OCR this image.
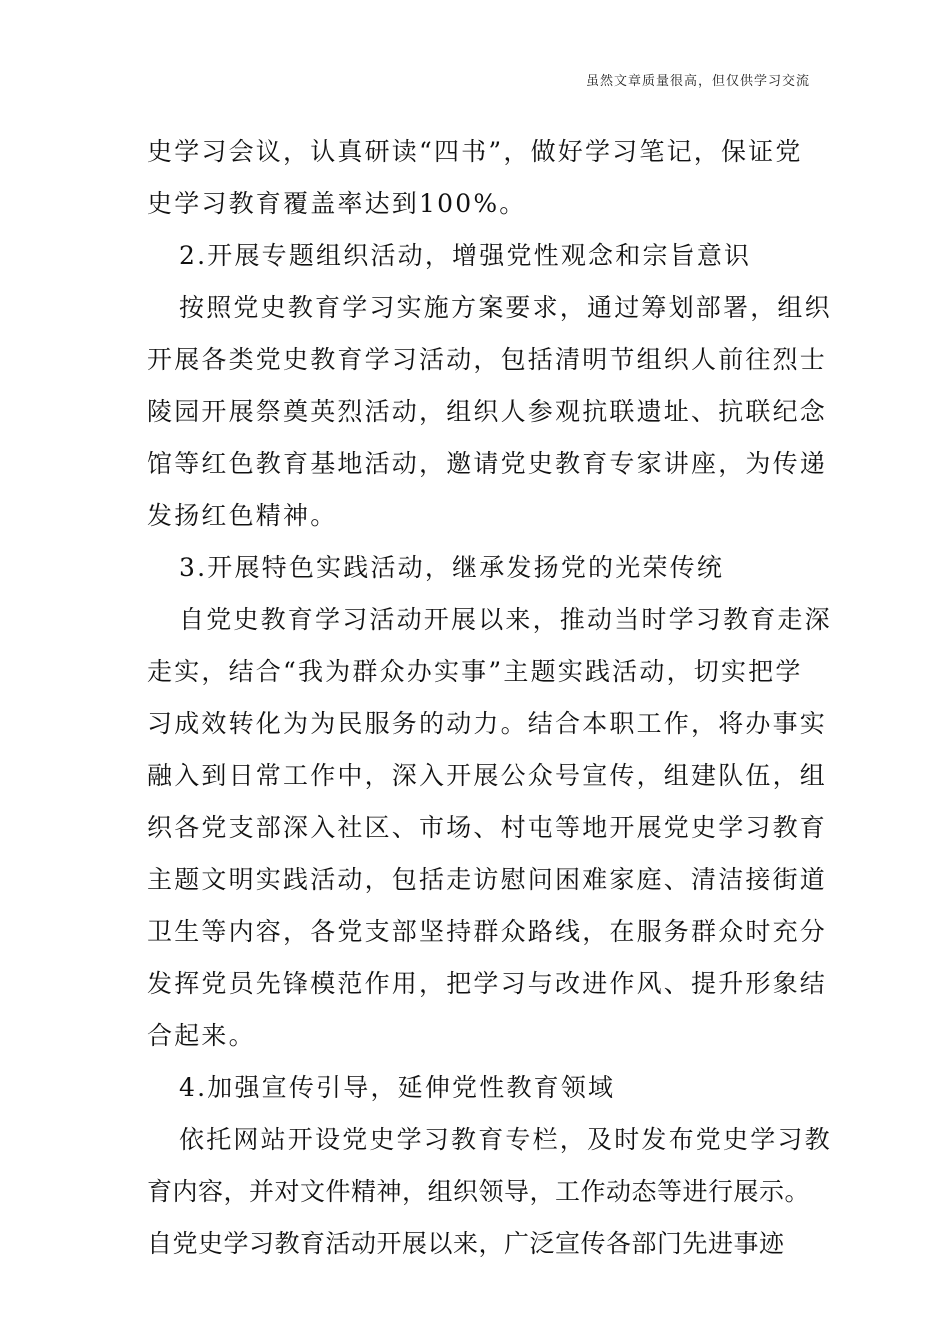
虽然文章质量很高，但仅供学习交流
史学习会议，认真研读“四书”，做好学习笔记，保证党
史学习教育覆盖率达到100%。
2.开展专题组织活动，增强党性观念和宗旨意识
按照党史教育学习实施方案要求，通过筹划部署，组织
开展各类党史教育学习活动，包括清明节组织人前往烈士
陵园开展祭奠英烈活动，组织人参观抗联遗址、抗联纪念
馆等红色教育基地活动，邀请党史教育专家讲座，为传递
发扬红色精神。
3.开展特色实践活动，继承发扬党的光荣传统
自党史教育学习活动开展以来，推动当时学习教育走深
走实，结合“我为群众办实事”主题实践活动，切实把学
习成效转化为为民服务的动力。结合本职工作，将办事实
融入到日常工作中，深入开展公众号宣传，组建队伍，组
织各党支部深入社区、市场、村屯等地开展党史学习教育
主题文明实践活动，包括走访慰问困难家庭、清洁接街道
卫生等内容，各党支部坚持群众路线，在服务群众时充分
发挥党员先锋模范作用，把学习与改进作风、提升形象结
合起来。
4.加强宣传引导，延伸党性教育领域
依托网站开设党史学习教育专栏，及时发布党史学习教
育内容，并对文件精神，组织领导，工作动态等进行展示。
自党史学习教育活动开展以来，广泛宣传各部门先进事迹
